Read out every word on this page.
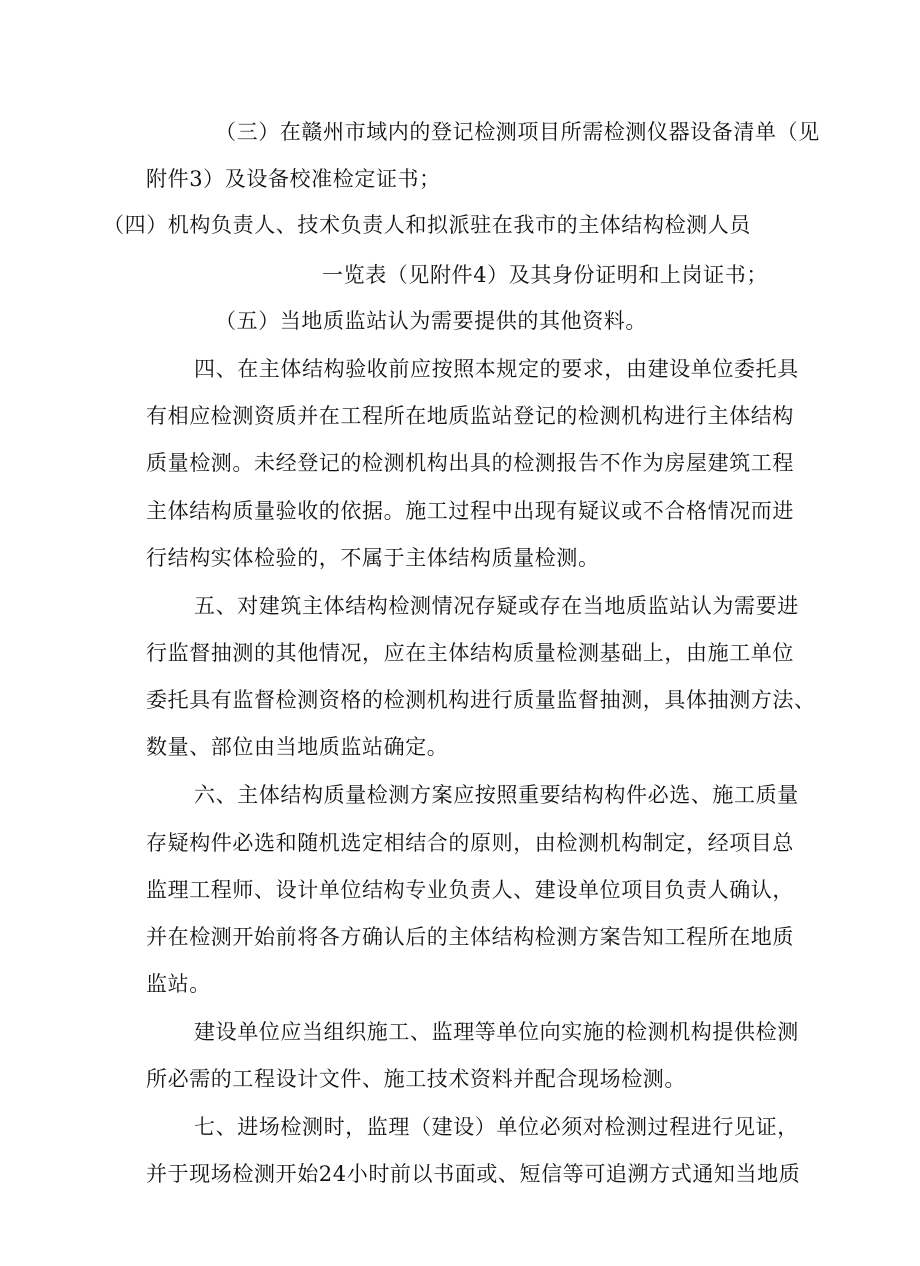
（三）在赣州市域内的登记检测项目所需检测仪器设备清单（见
附件3）及设备校准检定证书；
（四）机构负责人、技术负责人和拟派驻在我市的主体结构检测人员
一览表（见附件4）及其身份证明和上岗证书；
（五）当地质监站认为需要提供的其他资料。
四、在主体结构验收前应按照本规定的要求，由建设单位委托具
有相应检测资质并在工程所在地质监站登记的检测机构进行主体结构
质量检测。未经登记的检测机构出具的检测报告不作为房屋建筑工程
主体结构质量验收的依据。施工过程中出现有疑议或不合格情况而进
行结构实体检验的，不属于主体结构质量检测。
五、对建筑主体结构检测情况存疑或存在当地质监站认为需要进
行监督抽测的其他情况，应在主体结构质量检测基础上，由施工单位
委托具有监督检测资格的检测机构进行质量监督抽测，具体抽测方法、
数量、部位由当地质监站确定。
六、主体结构质量检测方案应按照重要结构构件必选、施工质量
存疑构件必选和随机选定相结合的原则，由检测机构制定，经项目总
监理工程师、设计单位结构专业负责人、建设单位项目负责人确认，
并在检测开始前将各方确认后的主体结构检测方案告知工程所在地质
监站。
建设单位应当组织施工、监理等单位向实施的检测机构提供检测
所必需的工程设计文件、施工技术资料并配合现场检测。
七、进场检测时，监理（建设）单位必须对检测过程进行见证，
并于现场检测开始24小时前以书面或、短信等可追溯方式通知当地质
